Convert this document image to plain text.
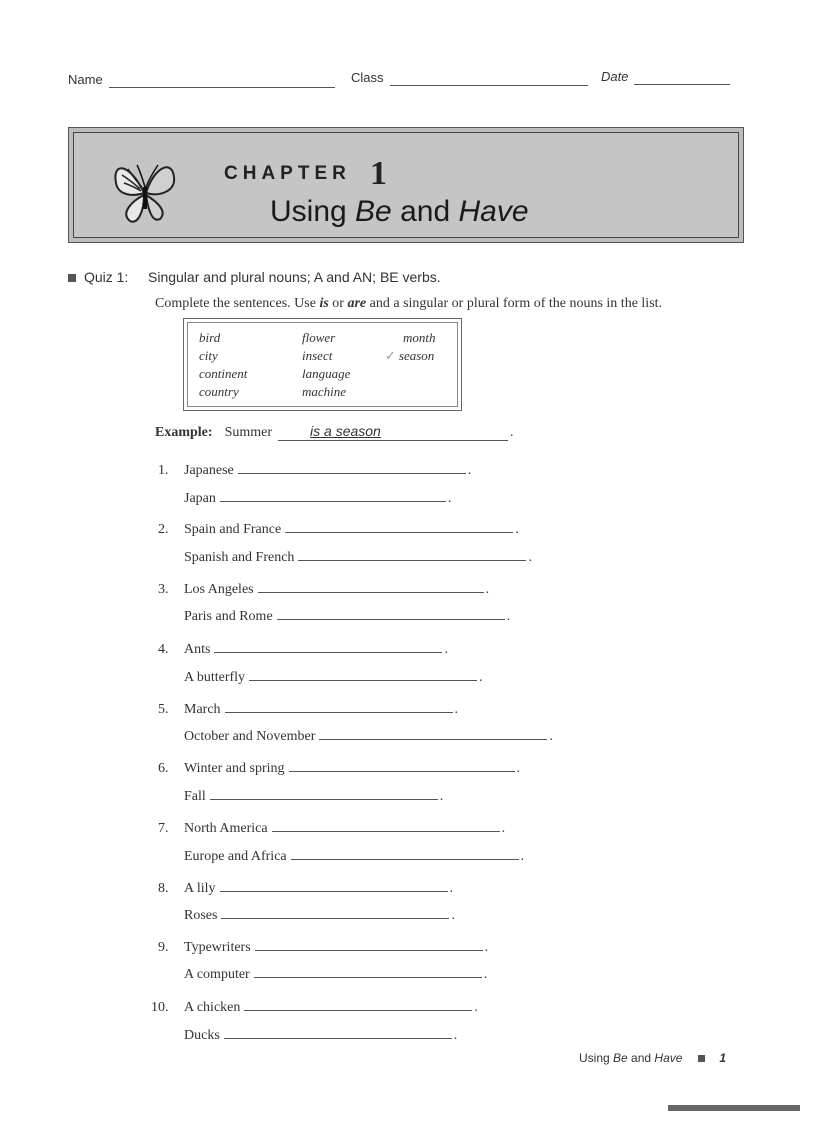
Name	Class	Date
CHAPTER 1
Using Be and Have
Quiz 1: Singular and plural nouns; A and AN; BE verbs.
Complete the sentences. Use is or are and a singular or plural form of the nouns in the list.
bird
city
continent
country
flower
insect
language
machine
month
✓ season
Example: Summer	is a season	.
1. Japanese	.
Japan	.
2. Spain and France	.
Spanish and French	.
3. Los Angeles	.
Paris and Rome	.
4. Ants	.
A butterfly	.
5. March	.
October and November	.
6. Winter and spring	.
Fall	.
7. North America	.
Europe and Africa	.
8. A lily	.
Roses	.
9. Typewriters	.
A computer	.
10. A chicken	.
Ducks	.
Using Be and Have	1
